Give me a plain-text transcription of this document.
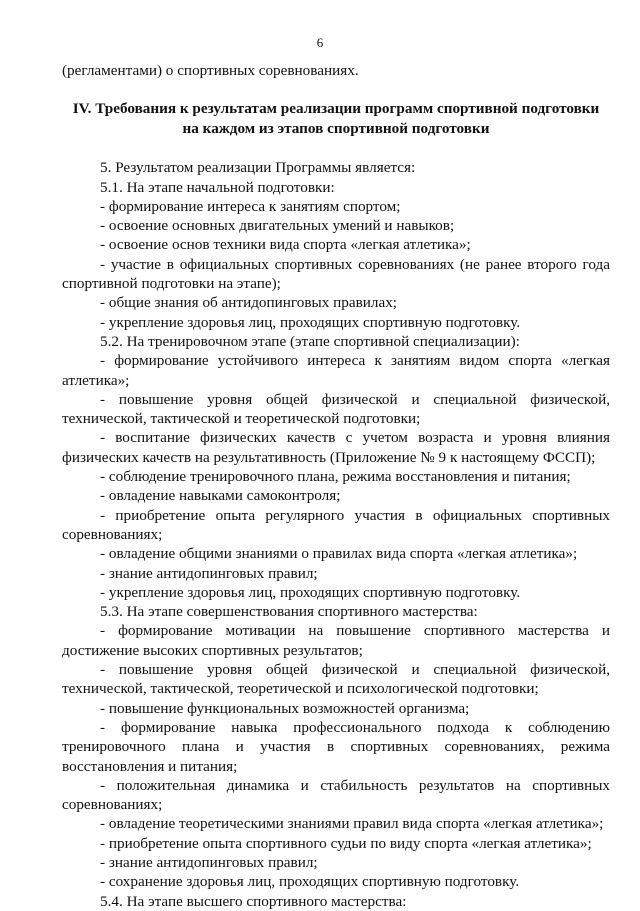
6

(регламентами) о спортивных соревнованиях.

IV. Требования к результатам реализации программ спортивной подготовки
на каждом из этапов спортивной подготовки

5. Результатом реализации Программы является:

5.1. На этапе начальной подготовки:

- формирование интереса к занятиям спортом;

- освоение основных двигательных умений и навыков;

- освоение основ техники вида спорта «легкая атлетика»;

- участие в официальных спортивных соревнованиях (не ранее второго года спортивной подготовки на этапе);

- общие знания об антидопинговых правилах;

- укрепление здоровья лиц, проходящих спортивную подготовку.

5.2. На тренировочном этапе (этапе спортивной специализации):

- формирование устойчивого интереса к занятиям видом спорта «легкая атлетика»;

- повышение уровня общей физической и специальной физической, технической, тактической и теоретической подготовки;

- воспитание физических качеств с учетом возраста и уровня влияния физических качеств на результативность (Приложение № 9 к настоящему ФССП);

- соблюдение тренировочного плана, режима восстановления и питания;

- овладение навыками самоконтроля;

- приобретение опыта регулярного участия в официальных спортивных соревнованиях;

- овладение общими знаниями о правилах вида спорта «легкая атлетика»;

- знание антидопинговых правил;

- укрепление здоровья лиц, проходящих спортивную подготовку.

5.3. На этапе совершенствования спортивного мастерства:

- формирование мотивации на повышение спортивного мастерства и достижение высоких спортивных результатов;

- повышение уровня общей физической и специальной физической, технической, тактической, теоретической и психологической подготовки;

- повышение функциональных возможностей организма;

- формирование навыка профессионального подхода к соблюдению тренировочного плана и участия в спортивных соревнованиях, режима восстановления и питания;

- положительная динамика и стабильность результатов на спортивных соревнованиях;

- овладение теоретическими знаниями правил вида спорта «легкая атлетика»;

- приобретение опыта спортивного судьи по виду спорта «легкая атлетика»;

- знание антидопинговых правил;

- сохранение здоровья лиц, проходящих спортивную подготовку.

5.4. На этапе высшего спортивного мастерства:
